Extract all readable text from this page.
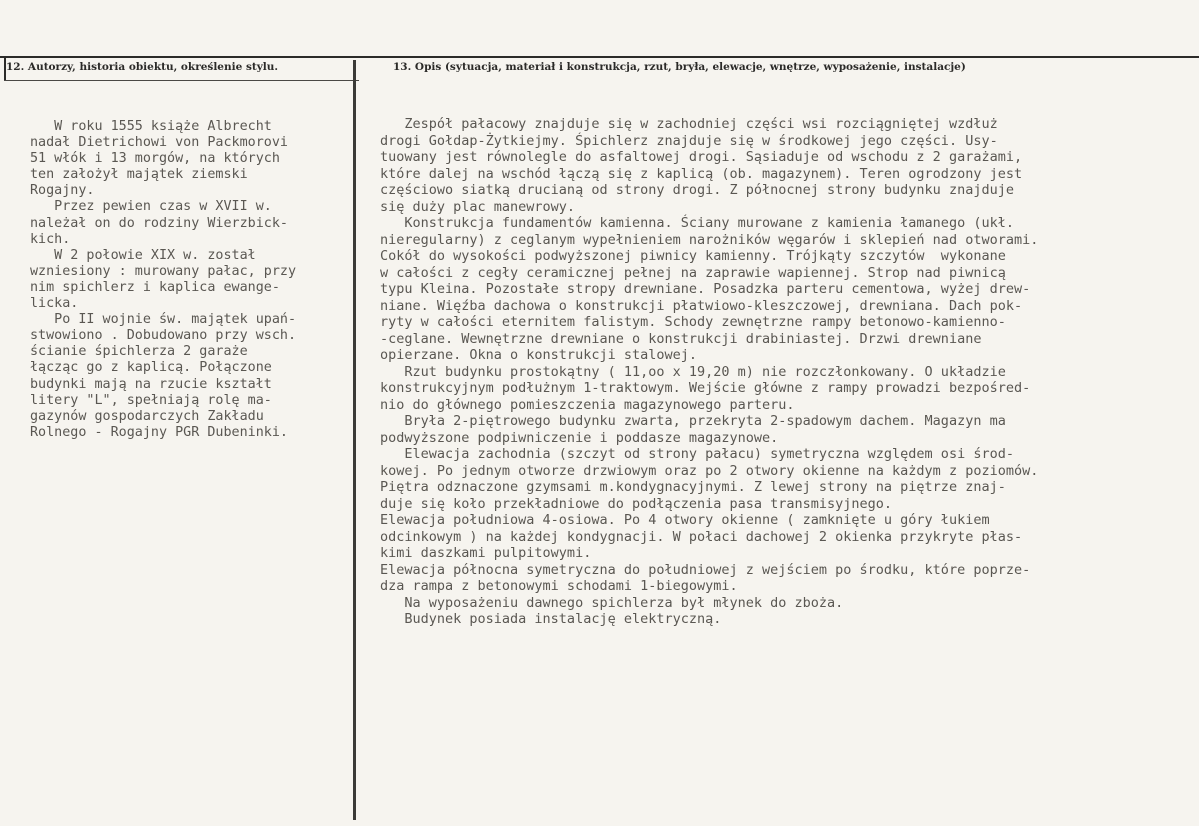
12. Autorzy, historia obiektu, określenie stylu.	13. Opis (sytuacja, materiał i konstrukcja, rzut, bryła, elewacje, wnętrze, wyposażenie, instalacje)
W roku 1555 książe Albrecht
nadał Dietrichowi von Packmorovi
51 włók i 13 morgów, na których
ten założył majątek ziemski
Rogajny.
Przez pewien czas w XVII w.
należał on do rodziny Wierzbick-
kich.
W 2 połowie XIX w. został
wzniesiony : murowany pałac, przy
nim spichlerz i kaplica ewange-
licka.
Po II wojnie św. majątek upań-
stwowiono . Dobudowano przy wsch.
ścianie śpichlerza 2 garaże
łącząc go z kaplicą. Połączone
budynki mają na rzucie kształt
litery "L", spełniają rolę ma-
gazynów gospodarczych Zakładu
Rolnego - Rogajny PGR Dubeninki.
Zespół pałacowy znajduje się w zachodniej części wsi rozciągniętej wzdłuż
drogi Gołdap-Żytkiejmy. Śpichlerz znajduje się w środkowej jego części. Usy-
tuowany jest równolegle do asfaltowej drogi. Sąsiaduje od wschodu z 2 garażami,
które dalej na wschód łączą się z kaplicą (ob. magazynem). Teren ogrodzony jest
częściowo siatką drucianą od strony drogi. Z północnej strony budynku znajduje
się duży plac manewrowy.
Konstrukcja fundamentów kamienna. Ściany murowane z kamienia łamanego (ukł.
nieregularny) z ceglanym wypełnieniem narożników węgarów i sklepień nad otworami.
Cokół do wysokości podwyższonej piwnicy kamienny. Trójkąty szczytów  wykonane
w całości z cegły ceramicznej pełnej na zaprawie wapiennej. Strop nad piwnicą
typu Kleina. Pozostałe stropy drewniane. Posadzka parteru cementowa, wyżej drew-
niane. Więźba dachowa o konstrukcji płatwiowo-kleszczowej, drewniana. Dach pok-
ryty w całości eternitem falistym. Schody zewnętrzne rampy betonowo-kamienno-
-ceglane. Wewnętrzne drewniane o konstrukcji drabiniastej. Drzwi drewniane
opierzane. Okna o konstrukcji stalowej.
Rzut budynku prostokątny ( 11,oo x 19,20 m) nie rozczłonkowany. O układzie
konstrukcyjnym podłużnym 1-traktowym. Wejście główne z rampy prowadzi bezpośred-
nio do głównego pomieszczenia magazynowego parteru.
Bryła 2-piętrowego budynku zwarta, przekryta 2-spadowym dachem. Magazyn ma
podwyższone podpiwniczenie i poddasze magazynowe.
Elewacja zachodnia (szczyt od strony pałacu) symetryczna względem osi środ-
kowej. Po jednym otworze drzwiowym oraz po 2 otwory okienne na każdym z poziomów.
Piętra odznaczone gzymsami m.kondygnacyjnymi. Z lewej strony na piętrze znaj-
duje się koło przekładniowe do podłączenia pasa transmisyjnego.
Elewacja południowa 4-osiowa. Po 4 otwory okienne ( zamknięte u góry łukiem
odcinkowym ) na każdej kondygnacji. W połaci dachowej 2 okienka przykryte płas-
kimi daszkami pulpitowymi.
Elewacja północna symetryczna do południowej z wejściem po środku, które poprze-
dza rampa z betonowymi schodami 1-biegowymi.
Na wyposażeniu dawnego spichlerza był młynek do zboża.
Budynek posiada instalację elektryczną.
